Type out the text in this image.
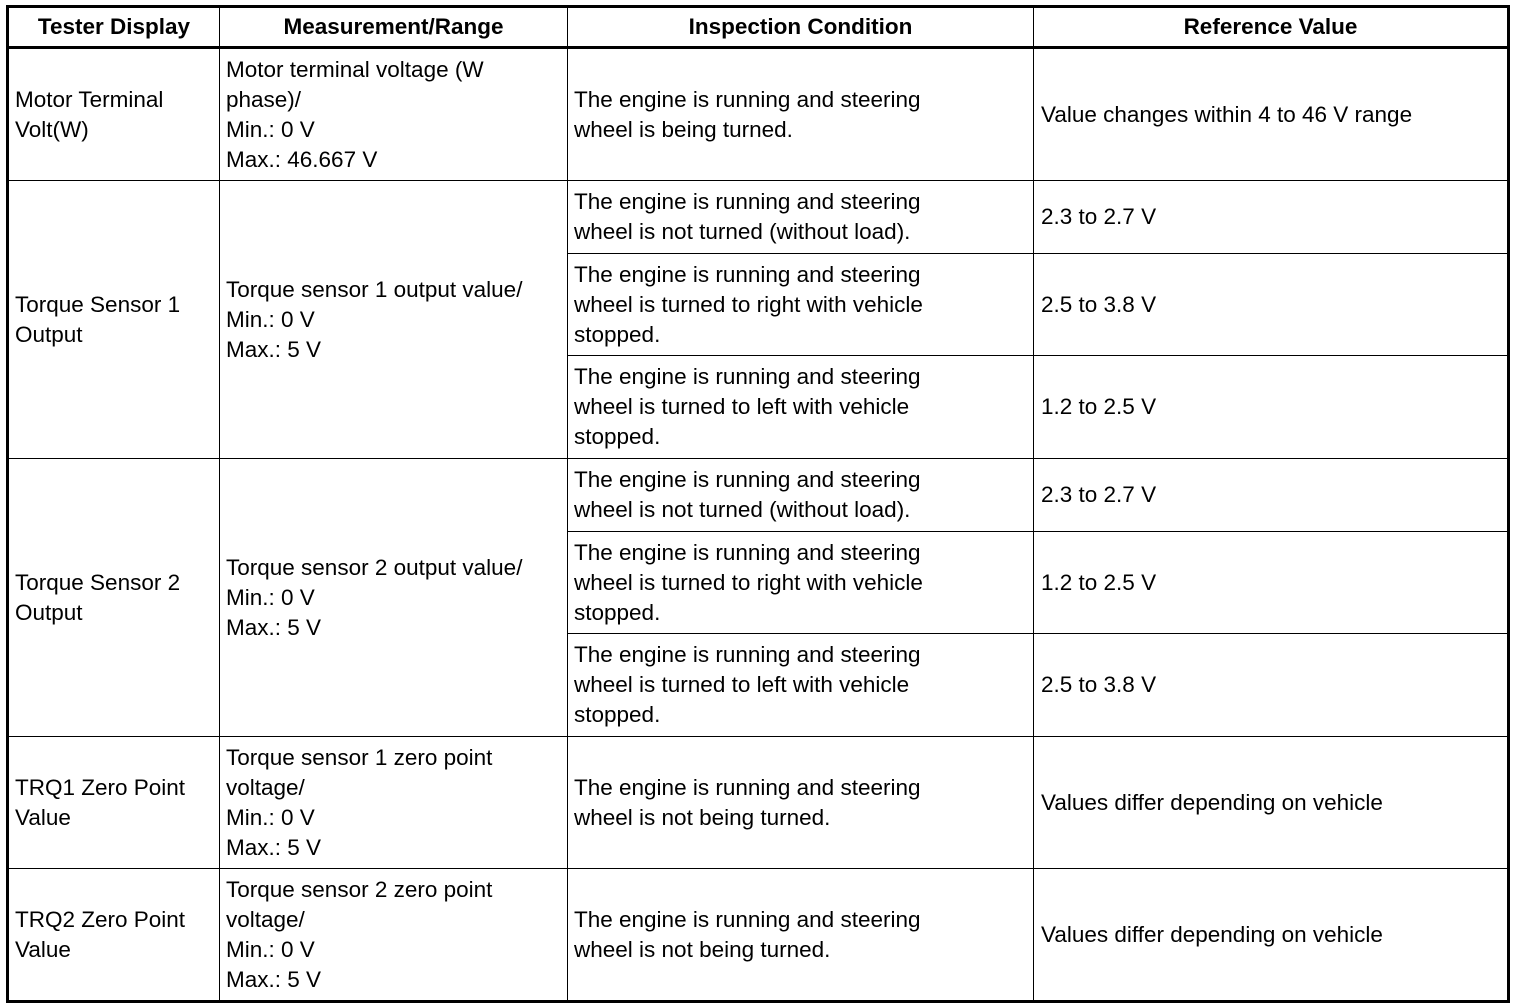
Tester Display	Measurement/Range	Inspection Condition	Reference Value

Motor Terminal
Volt(W)	Motor terminal voltage (W
phase)/
Min.: 0 V
Max.: 46.667 V	The engine is running and steering
wheel is being turned.	Value changes within 4 to 46 V range

Torque Sensor 1
Output	Torque sensor 1 output value/
Min.: 0 V
Max.: 5 V	The engine is running and steering
wheel is not turned (without load).	2.3 to 2.7 V

		The engine is running and steering
wheel is turned to right with vehicle
stopped.	2.5 to 3.8 V

		The engine is running and steering
wheel is turned to left with vehicle
stopped.	1.2 to 2.5 V

Torque Sensor 2
Output	Torque sensor 2 output value/
Min.: 0 V
Max.: 5 V	The engine is running and steering
wheel is not turned (without load).	2.3 to 2.7 V

		The engine is running and steering
wheel is turned to right with vehicle
stopped.	1.2 to 2.5 V

		The engine is running and steering
wheel is turned to left with vehicle
stopped.	2.5 to 3.8 V

TRQ1 Zero Point
Value	Torque sensor 1 zero point
voltage/
Min.: 0 V
Max.: 5 V	The engine is running and steering
wheel is not being turned.	Values differ depending on vehicle

TRQ2 Zero Point
Value	Torque sensor 2 zero point
voltage/
Min.: 0 V
Max.: 5 V	The engine is running and steering
wheel is not being turned.	Values differ depending on vehicle
